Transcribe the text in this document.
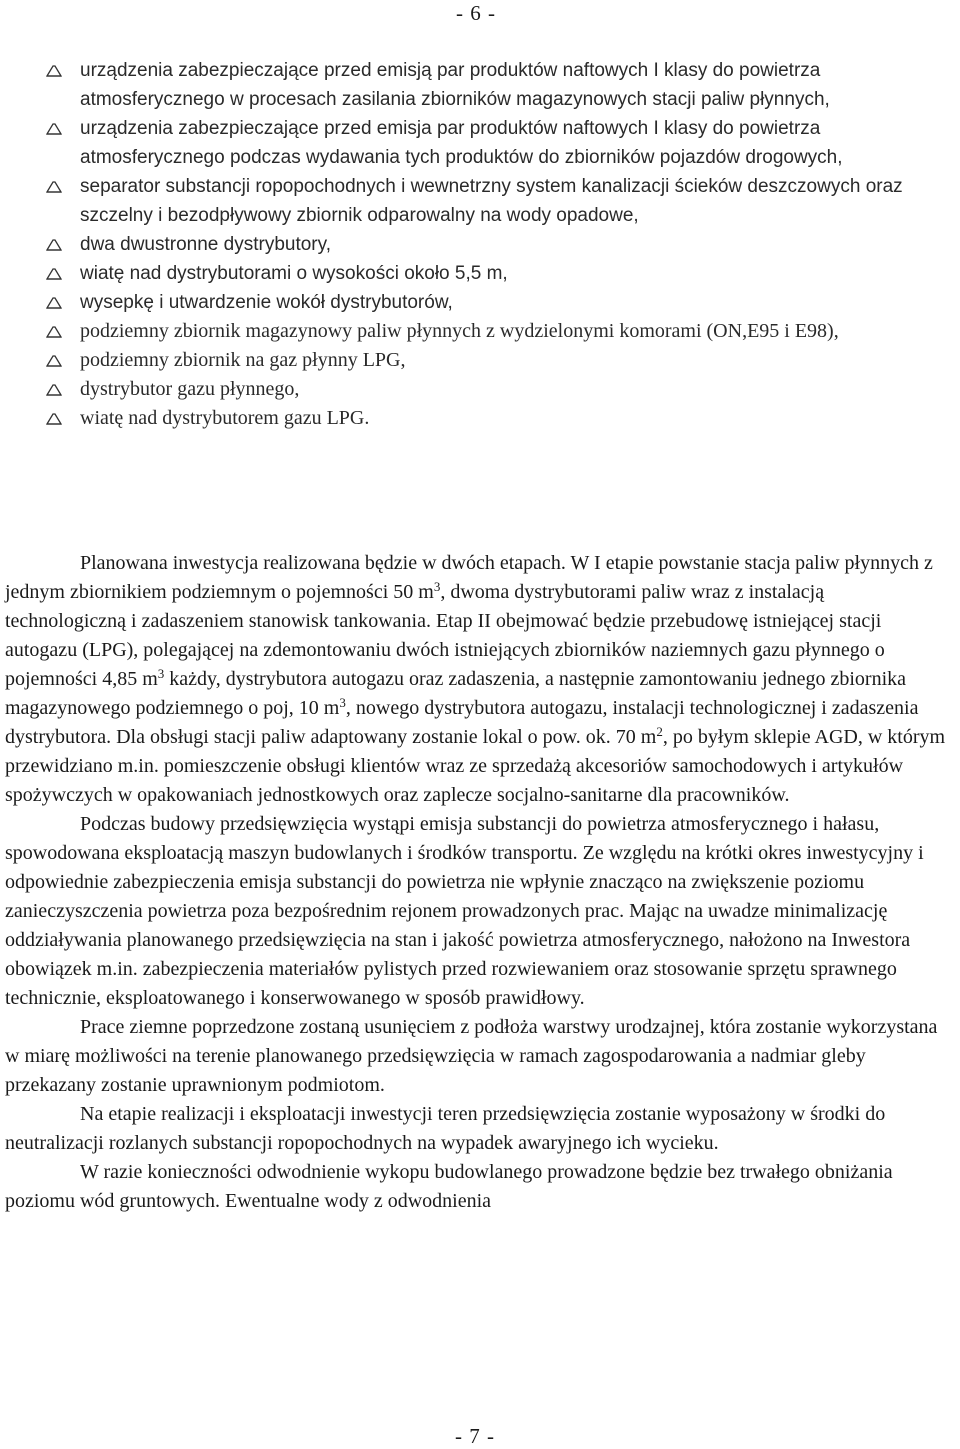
- 6 -
urządzenia zabezpieczające przed emisją par produktów naftowych I klasy do powietrza atmosferycznego w procesach zasilania zbiorników magazynowych stacji paliw płynnych,
urządzenia zabezpieczające przed emisja par produktów naftowych I klasy do powietrza atmosferycznego podczas wydawania tych produktów do zbiorników pojazdów drogowych,
separator substancji ropopochodnych i wewnetrzny system kanalizacji ścieków deszczowych oraz szczelny i bezodpływowy zbiornik odparowalny na wody opadowe,
dwa dwustronne dystrybutory,
wiatę nad dystrybutorami o wysokości około 5,5 m,
wysepkę i utwardzenie wokół dystrybutorów,
podziemny zbiornik magazynowy paliw płynnych z wydzielonymi komorami (ON,E95 i E98),
podziemny zbiornik na gaz płynny LPG,
dystrybutor gazu płynnego,
wiatę nad dystrybutorem gazu LPG.

Planowana inwestycja realizowana będzie w dwóch etapach. W I etapie powstanie stacja paliw płynnych z jednym zbiornikiem podziemnym o pojemności 50 $m^3$, dwoma dystrybutorami paliw wraz z instalacją technologiczną i zadaszeniem stanowisk tankowania. Etap II obejmować będzie przebudowę istniejącej stacji autogazu (LPG), polegającej na zdemontowaniu dwóch istniejących zbiorników naziemnych gazu płynnego o pojemności 4,85 $m^3$ każdy, dystrybutora autogazu oraz zadaszenia, a następnie zamontowaniu jednego zbiornika magazynowego podziemnego o poj, 10 $m^3$, nowego dystrybutora autogazu, instalacji technologicznej i zadaszenia dystrybutora. Dla obsługi stacji paliw adaptowany zostanie lokal o pow. ok. 70 $m^2$, po byłym sklepie AGD, w którym przewidziano m.in. pomieszczenie obsługi klientów wraz ze sprzedażą akcesoriów samochodowych i artykułów spożywczych w opakowaniach jednostkowych oraz zaplecze socjalno-sanitarne dla pracowników.

Podczas budowy przedsięwzięcia wystąpi emisja substancji do powietrza atmosferycznego i hałasu, spowodowana eksploatacją maszyn budowlanych i środków transportu. Ze względu na krótki okres inwestycyjny i odpowiednie zabezpieczenia emisja substancji do powietrza nie wpłynie znacząco na zwiększenie poziomu zanieczyszczenia powietrza poza bezpośrednim rejonem prowadzonych prac. Mając na uwadze minimalizację oddziaływania planowanego przedsięwzięcia na stan i jakość powietrza atmosferycznego, nałożono na Inwestora obowiązek m.in. zabezpieczenia materiałów pylistych przed rozwiewaniem oraz stosowanie sprzętu sprawnego technicznie, eksploatowanego i konserwowanego w sposób prawidłowy.

Prace ziemne poprzedzone zostaną usunięciem z podłoża warstwy urodzajnej, która zostanie wykorzystana w miarę możliwości na terenie planowanego przedsięwzięcia w ramach zagospodarowania a nadmiar gleby przekazany zostanie uprawnionym podmiotom.

Na etapie realizacji i eksploatacji inwestycji teren przedsięwzięcia zostanie wyposażony w środki do neutralizacji rozlanych substancji ropopochodnych na wypadek awaryjnego ich wycieku.

W razie konieczności odwodnienie wykopu budowlanego prowadzone będzie bez trwałego obniżania poziomu wód gruntowych. Ewentualne wody z odwodnienia

- 7 -
